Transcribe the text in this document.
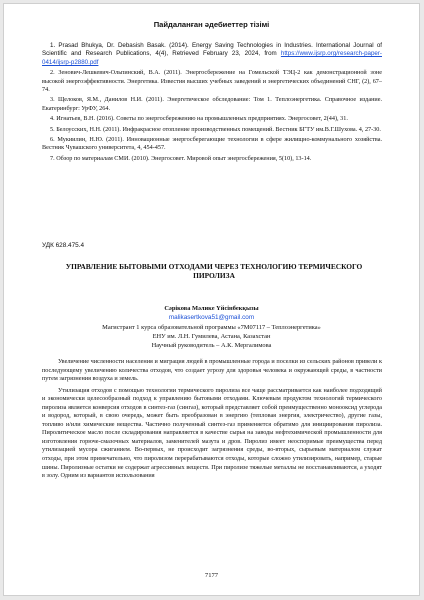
Пайдаланған әдебиеттер тізімі

1. Prasad Bhukya, Dr. Debasish Basak. (2014). Energy Saving Technologies in Industries. International Journal of Scientific and Research Publications, 4(4), Retrieved February 23, 2024, from https://www.ijsrp.org/research-paper-0414/ijsrp-p2880.pdf

2. Зенович-Лешкевич-Ольпинский, В.А. (2011). Энергосбережение на Гомельской ТЭЦ-2 как демонстрационной зоне высокой энергоэффективности. Энергетика. Известия высших учебных заведений и энергетических объединений СНГ, (2), 67–74.

3. Щелоков, Я.М., Данилов Н.И. (2011). Энергетическое обследование: Том 1. Теплоэнергетика. Справочное издание. Екатеринбург: УрФУ, 264.

4. Игнатьев, В.Н. (2016). Советы по энергосбережению на промышленных предприятиях. Энергосовет, 2(44), 31.

5. Белоусских, Н.Н. (2011). Инфракрасное отопление производственных помещений. Вестник БГТУ им.В.Г.Шухова. 4, 27-30.

6. Мукиилин, Н.Ю. (2011). Инновационные энергосберегающие технологии в сфере жилищно-коммунального хозяйства. Вестник Чувашского университета, 4, 454-457.

7. Обзор по материалам СМИ. (2010). Энергосовет. Мировой опыт энергосбережения, 5(10), 13-14.

УДК 628.475.4
УПРАВЛЕНИЕ БЫТОВЫМИ ОТХОДАМИ ЧЕРЕЗ ТЕХНОЛОГИЮ ТЕРМИЧЕСКОГО ПИРОЛИЗА
Сәрікова Мәлике Үйсінбекқызы
malikasertkova51@gmail.com
Магистрант 1 курса образовательной программы «7М07117 – Теплоэнергетика»
ЕНУ им. Л.Н. Гумилева, Астана, Казахстан
Научный руководитель – А.К. Мергалимова

Увеличение численности населения и миграция людей в промышленные города и поселки из сельских районов привели к последующему увеличению количества отходов, что создает угрозу для здоровья человека и окружающей среды, в частности путем загрязнения воздуха и земель.

Утилизация отходов с помощью технологии термического пиролиза все чаще рассматривается как наиболее подходящий и экономически целесообразный подход к управлению бытовыми отходами. Ключевым продуктом технологий термического пиролиза является конверсия отходов в синтез-газ (сингаз), который представляет собой преимущественно монооксид углерода и водород, который, в свою очередь, может быть преобразован в энергию (тепловая энергия, электричество), другие газы, топливо и/или химические вещества. Частично полученный синтез-газ применяется обратимо для инициирования пиролиза. Пиролитическое масло после складирования направляется в качестве сырья на заводы нефтехимической промышленности для изготовления горюче-смазочных материалов, заменителей мазута и дров. Пиролиз имеет неоспоримые преимущества перед утилизацией мусора сжиганием. Во-первых, не происходит загрязнения среды, во-вторых, сырьевым материалом служат отходы, при этом примечательно, что пиролизом перерабатываются отходы, которые сложно утилизировать, например, старые шины. Пиролизные остатки не содержат агрессивных веществ. При пиролизе тяжелые металлы не восстанавливаются, а уходят в золу. Одним из вариантов использования

7177
